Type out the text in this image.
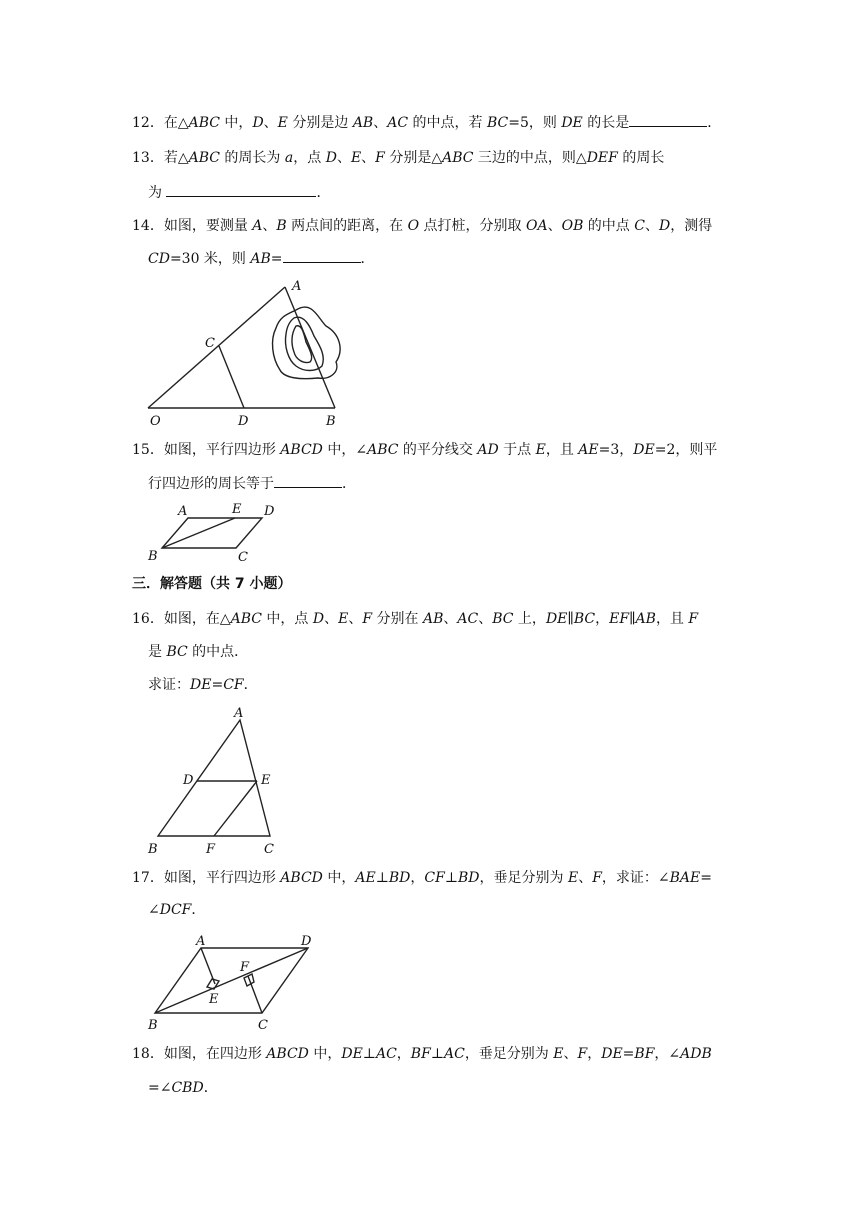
12．在△ABC 中，D、E 分别是边 AB、AC 的中点，若 BC=5，则 DE 的长是	．
13．若△ABC 的周长为 a，点 D、E、F 分别是△ABC 三边的中点，则△DEF 的周长
为	．
14．如图，要测量 A、B 两点间的距离，在 O 点打桩，分别取 OA、OB 的中点 C、D，测得
CD=30 米，则 AB=	．
A
C
O	D	B
15．如图，平行四边形 ABCD 中，∠ABC 的平分线交 AD 于点 E，且 AE=3，DE=2，则平
行四边形的周长等于	．
A	E D
B	C
三．解答题（共 7 小题）
16．如图，在△ABC 中，点 D、E、F 分别在 AB、AC、BC 上，DE∥BC，EF∥AB，且 F
是 BC 的中点．
求证：DE=CF．
A
D	E
B	F	C
17．如图，平行四边形 ABCD 中，AE⊥BD，CF⊥BD，垂足分别为 E、F，求证：∠BAE=
∠DCF．
A	D
F
E
B	C
18．如图，在四边形 ABCD 中，DE⊥AC，BF⊥AC，垂足分别为 E、F，DE=BF，∠ADB
=∠CBD．
